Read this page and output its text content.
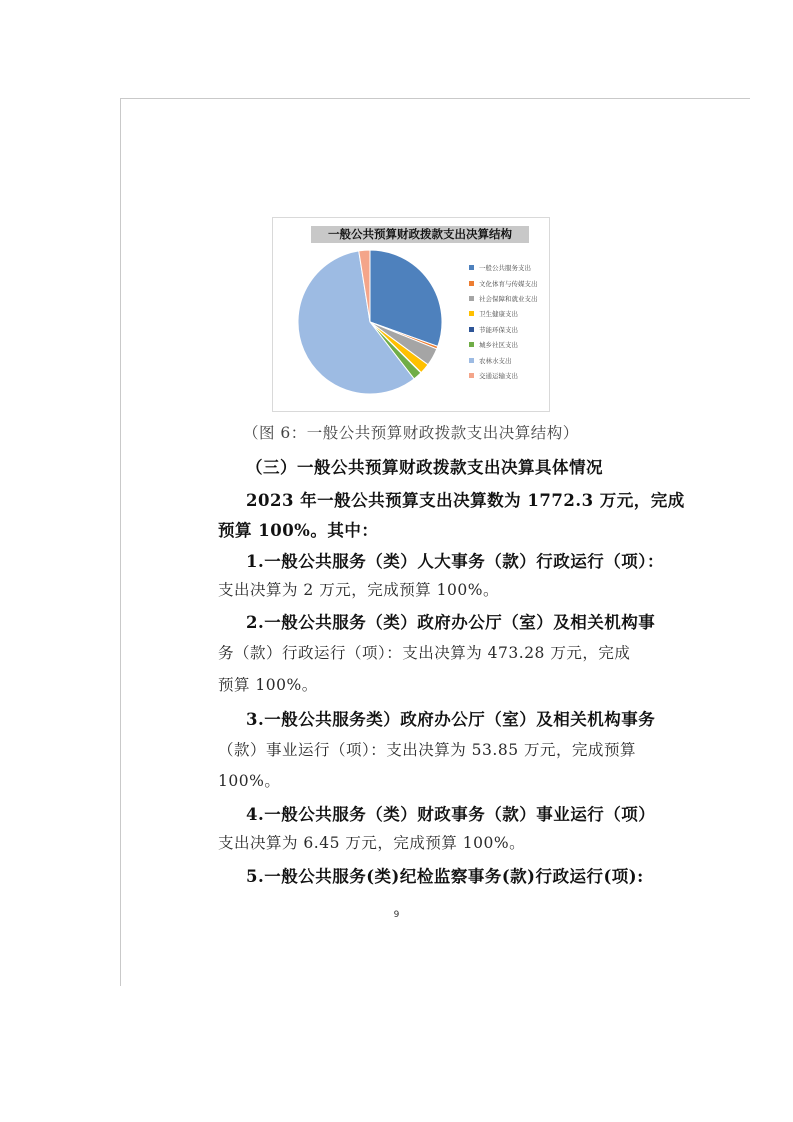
一般公共预算财政拨款支出决算结构
一般公共服务支出
文化体育与传媒支出
社会保障和就业支出
卫生健康支出
节能环保支出
城乡社区支出
农林水支出
交通运输支出
（图 6：一般公共预算财政拨款支出决算结构）
（三）一般公共预算财政拨款支出决算具体情况
2023 年一般公共预算支出决算数为 1772.3 万元，完成
预算 100%。其中：
1.一般公共服务（类）人大事务（款）行政运行（项）：
支出决算为 2 万元，完成预算 100%。
2.一般公共服务（类）政府办公厅（室）及相关机构事
务（款）行政运行（项）：支出决算为 473.28 万元，完成
预算 100%。
3.一般公共服务类）政府办公厅（室）及相关机构事务
（款）事业运行（项）：支出决算为 53.85 万元，完成预算
100%。
4.一般公共服务（类）财政事务（款）事业运行（项）
支出决算为 6.45 万元，完成预算 100%。
5.一般公共服务(类)纪检监察事务(款)行政运行(项):
9
